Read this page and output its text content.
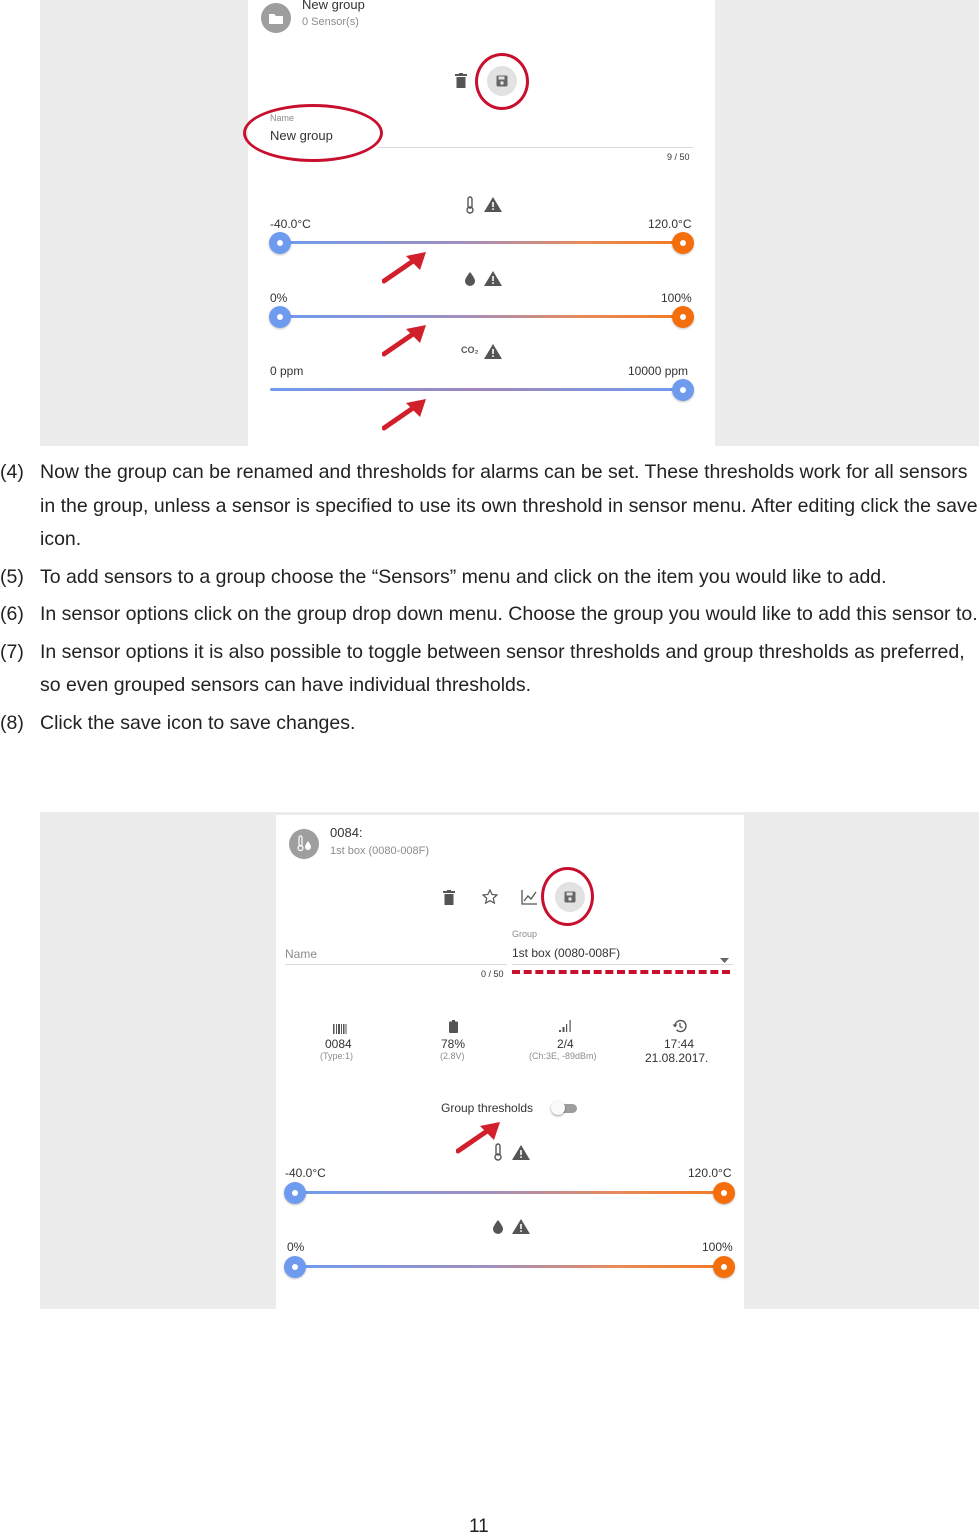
New group
0 Sensor(s)
Name
New group
9 / 50
-40.0°C	120.0°C
0%	100%
CO₂
0 ppm	10000 ppm
(4) Now the group can be renamed and thresholds for alarms can be set. These thresholds work for all sensors in the group, unless a sensor is specified to use its own threshold in sensor menu. After editing click the save icon.
(5) To add sensors to a group choose the “Sensors” menu and click on the item you would like to add.
(6) In sensor options click on the group drop down menu. Choose the group you would like to add this sensor to.
(7) In sensor options it is also possible to toggle between sensor thresholds and group thresholds as preferred, so even grouped sensors can have individual thresholds.
(8) Click the save icon to save changes.
0084:
1st box (0080-008F)
Name
0 / 50
Group
1st box (0080-008F)
0084
(Type:1)
78%
(2.8V)
2/4
(Ch:3E, -89dBm)
17:44
21.08.2017.
Group thresholds
-40.0°C	120.0°C
0%	100%
11
